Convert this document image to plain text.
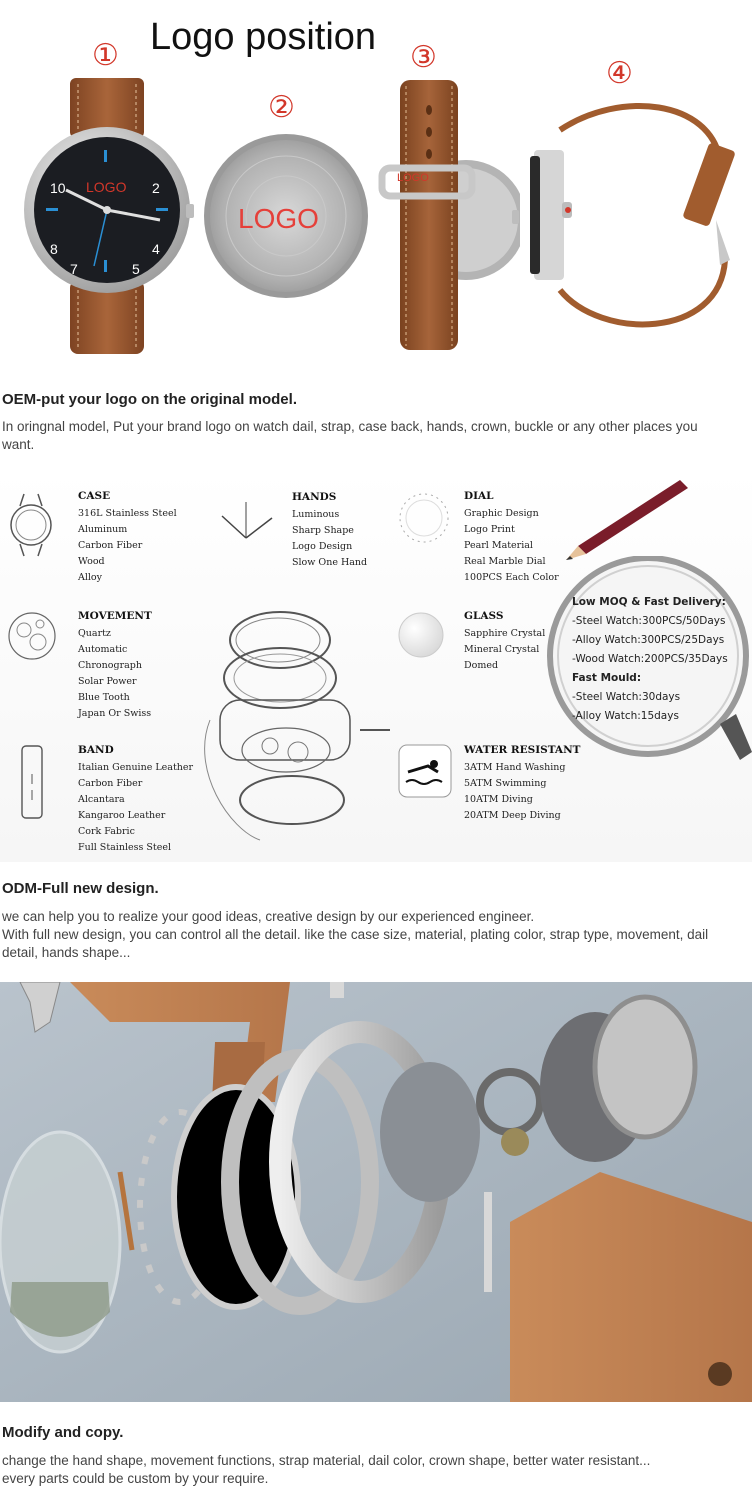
Logo position
①
②
③	④
10	2
8	4
7	5
LOGO
LOGO
LOGO
OEM-put your logo on the original model.
In oringnal model, Put your brand logo on watch dail, strap, case back, hands, crown, buckle or any other places you
want.
CASE
316L Stainless Steel
Aluminum
Carbon Fiber
Wood
Alloy
HANDS
Luminous
Sharp Shape
Logo Design
Slow One Hand
DIAL
Graphic Design
Logo Print
Pearl Material
Real Marble Dial
100PCS Each Color
MOVEMENT
Quartz
Automatic
Chronograph
Solar Power
Blue Tooth
Japan Or Swiss
GLASS
Sapphire Crystal
Mineral Crystal
Domed
Low MOQ & Fast Delivery:
-Steel Watch:300PCS/50Days
-Alloy Watch:300PCS/25Days
-Wood Watch:200PCS/35Days
Fast Mould:
-Steel Watch:30days
-Alloy Watch:15days
BAND
Italian Genuine Leather
Carbon Fiber
Alcantara
Kangaroo Leather
Cork Fabric
Full Stainless Steel
WATER RESISTANT
3ATM Hand Washing
5ATM Swimming
10ATM Diving
20ATM Deep Diving
ODM-Full new design.
we can help you to realize your good ideas, creative design by our experienced engineer.
With full new design, you can control all the detail. like the case size, material, plating color, strap type, movement, dail
detail, hands shape...
Modify and copy.
change the hand shape, movement functions, strap material, dail color, crown shape, better water resistant...
every parts could be custom by your require.
